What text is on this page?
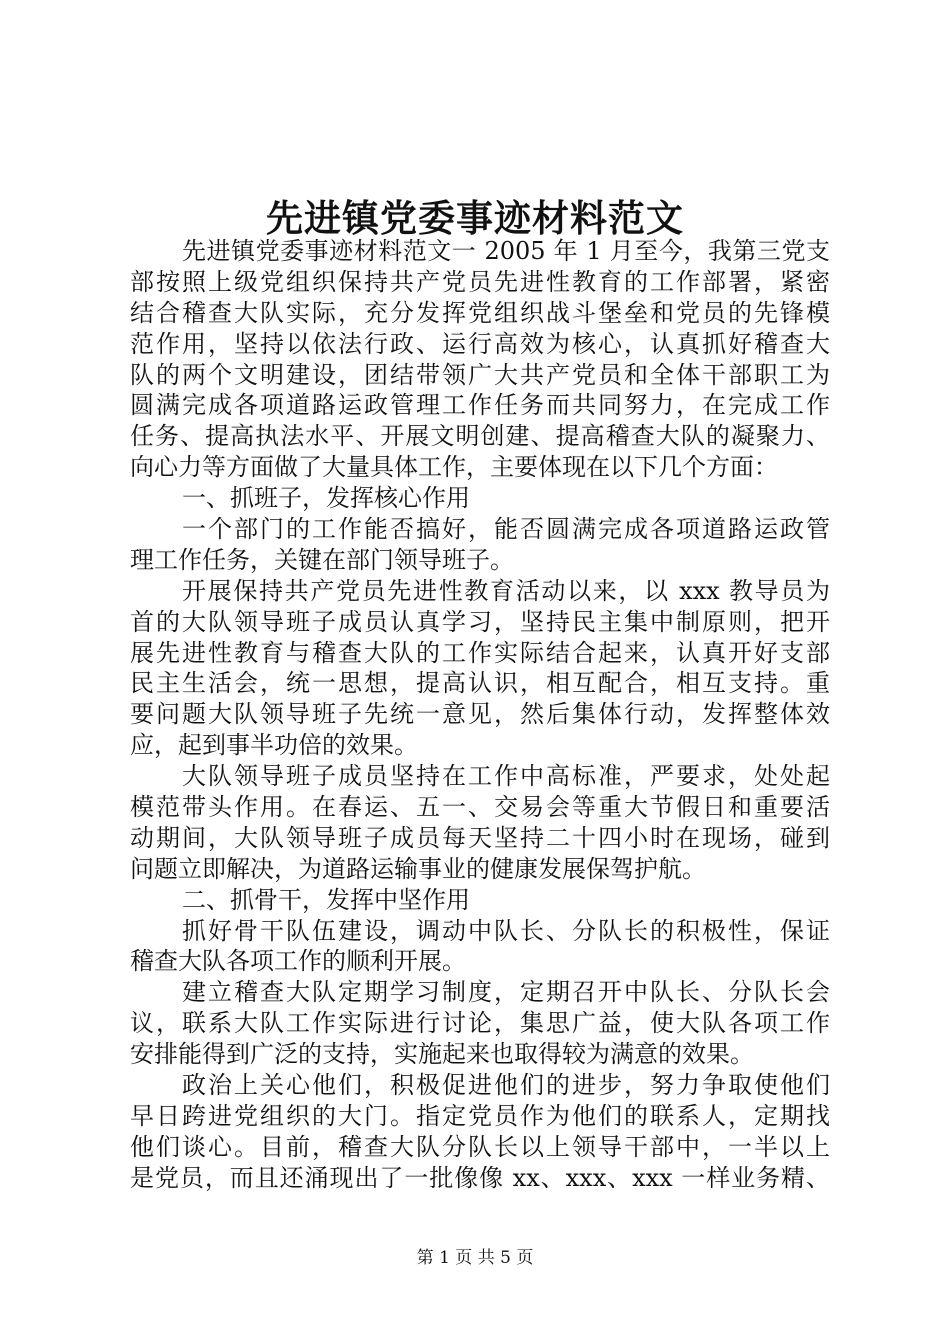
先进镇党委事迹材料范文
先进镇党委事迹材料范文一 2005 年 1 月至今，我第三党支
部按照上级党组织保持共产党员先进性教育的工作部署，紧密
结合稽查大队实际，充分发挥党组织战斗堡垒和党员的先锋模
范作用，坚持以依法行政、运行高效为核心，认真抓好稽查大
队的两个文明建设，团结带领广大共产党员和全体干部职工为
圆满完成各项道路运政管理工作任务而共同努力，在完成工作
任务、提高执法水平、开展文明创建、提高稽查大队的凝聚力、
向心力等方面做了大量具体工作，主要体现在以下几个方面：
一、抓班子，发挥核心作用
一个部门的工作能否搞好，能否圆满完成各项道路运政管
理工作任务，关键在部门领导班子。
开展保持共产党员先进性教育活动以来，以 xxx 教导员为
首的大队领导班子成员认真学习，坚持民主集中制原则，把开
展先进性教育与稽查大队的工作实际结合起来，认真开好支部
民主生活会，统一思想，提高认识，相互配合，相互支持。重
要问题大队领导班子先统一意见，然后集体行动，发挥整体效
应，起到事半功倍的效果。
大队领导班子成员坚持在工作中高标准，严要求，处处起
模范带头作用。在春运、五一、交易会等重大节假日和重要活
动期间，大队领导班子成员每天坚持二十四小时在现场，碰到
问题立即解决，为道路运输事业的健康发展保驾护航。
二、抓骨干，发挥中坚作用
抓好骨干队伍建设，调动中队长、分队长的积极性，保证
稽查大队各项工作的顺利开展。
建立稽查大队定期学习制度，定期召开中队长、分队长会
议，联系大队工作实际进行讨论，集思广益，使大队各项工作
安排能得到广泛的支持，实施起来也取得较为满意的效果。
政治上关心他们，积极促进他们的进步，努力争取使他们
早日跨进党组织的大门。指定党员作为他们的联系人，定期找
他们谈心。目前，稽查大队分队长以上领导干部中，一半以上
是党员，而且还涌现出了一批像像 xx、xxx、xxx 一样业务精、
第 1 页 共 5 页
